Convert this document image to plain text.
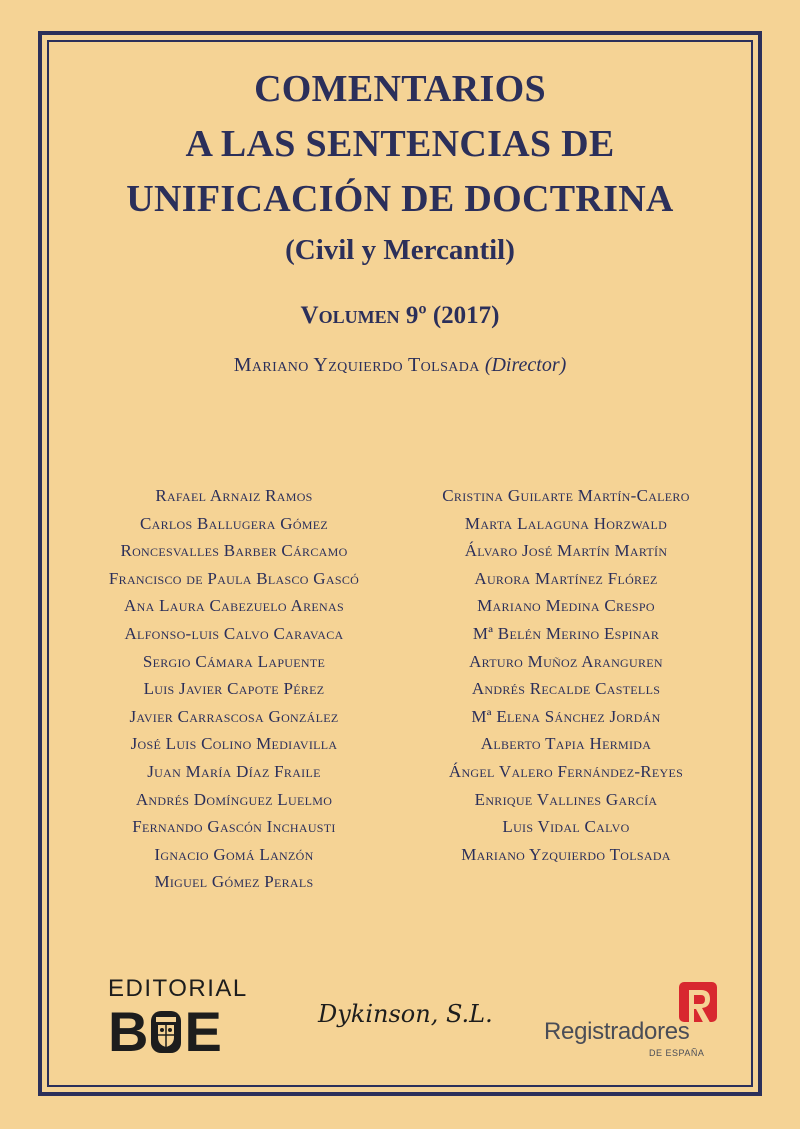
COMENTARIOS
A LAS SENTENCIAS DE
UNIFICACIÓN DE DOCTRINA
(Civil y Mercantil)
Volumen 9º (2017)
Mariano Yzquierdo Tolsada (Director)
Rafael Arnaiz Ramos
Carlos Ballugera Gómez
Roncesvalles Barber Cárcamo
Francisco de Paula Blasco Gascó
Ana Laura Cabezuelo Arenas
Alfonso-luis Calvo Caravaca
Sergio Cámara Lapuente
Luis Javier Capote Pérez
Javier Carrascosa González
José Luis Colino Mediavilla
Juan María Díaz Fraile
Andrés Domínguez Luelmo
Fernando Gascón Inchausti
Ignacio Gomá Lanzón
Miguel Gómez Perals
Cristina Guilarte Martín-Calero
Marta Lalaguna Horzwald
Álvaro José Martín Martín
Aurora Martínez Flórez
Mariano Medina Crespo
Mª Belén Merino Espinar
Arturo Muñoz Aranguren
Andrés Recalde Castells
Mª Elena Sánchez Jordán
Alberto Tapia Hermida
Ángel Valero Fernández-Reyes
Enrique Vallines García
Luis Vidal Calvo
Mariano Yzquierdo Tolsada
EDITORIAL
B E	Dykinson, S.L.
Registradores
DE ESPAÑA
